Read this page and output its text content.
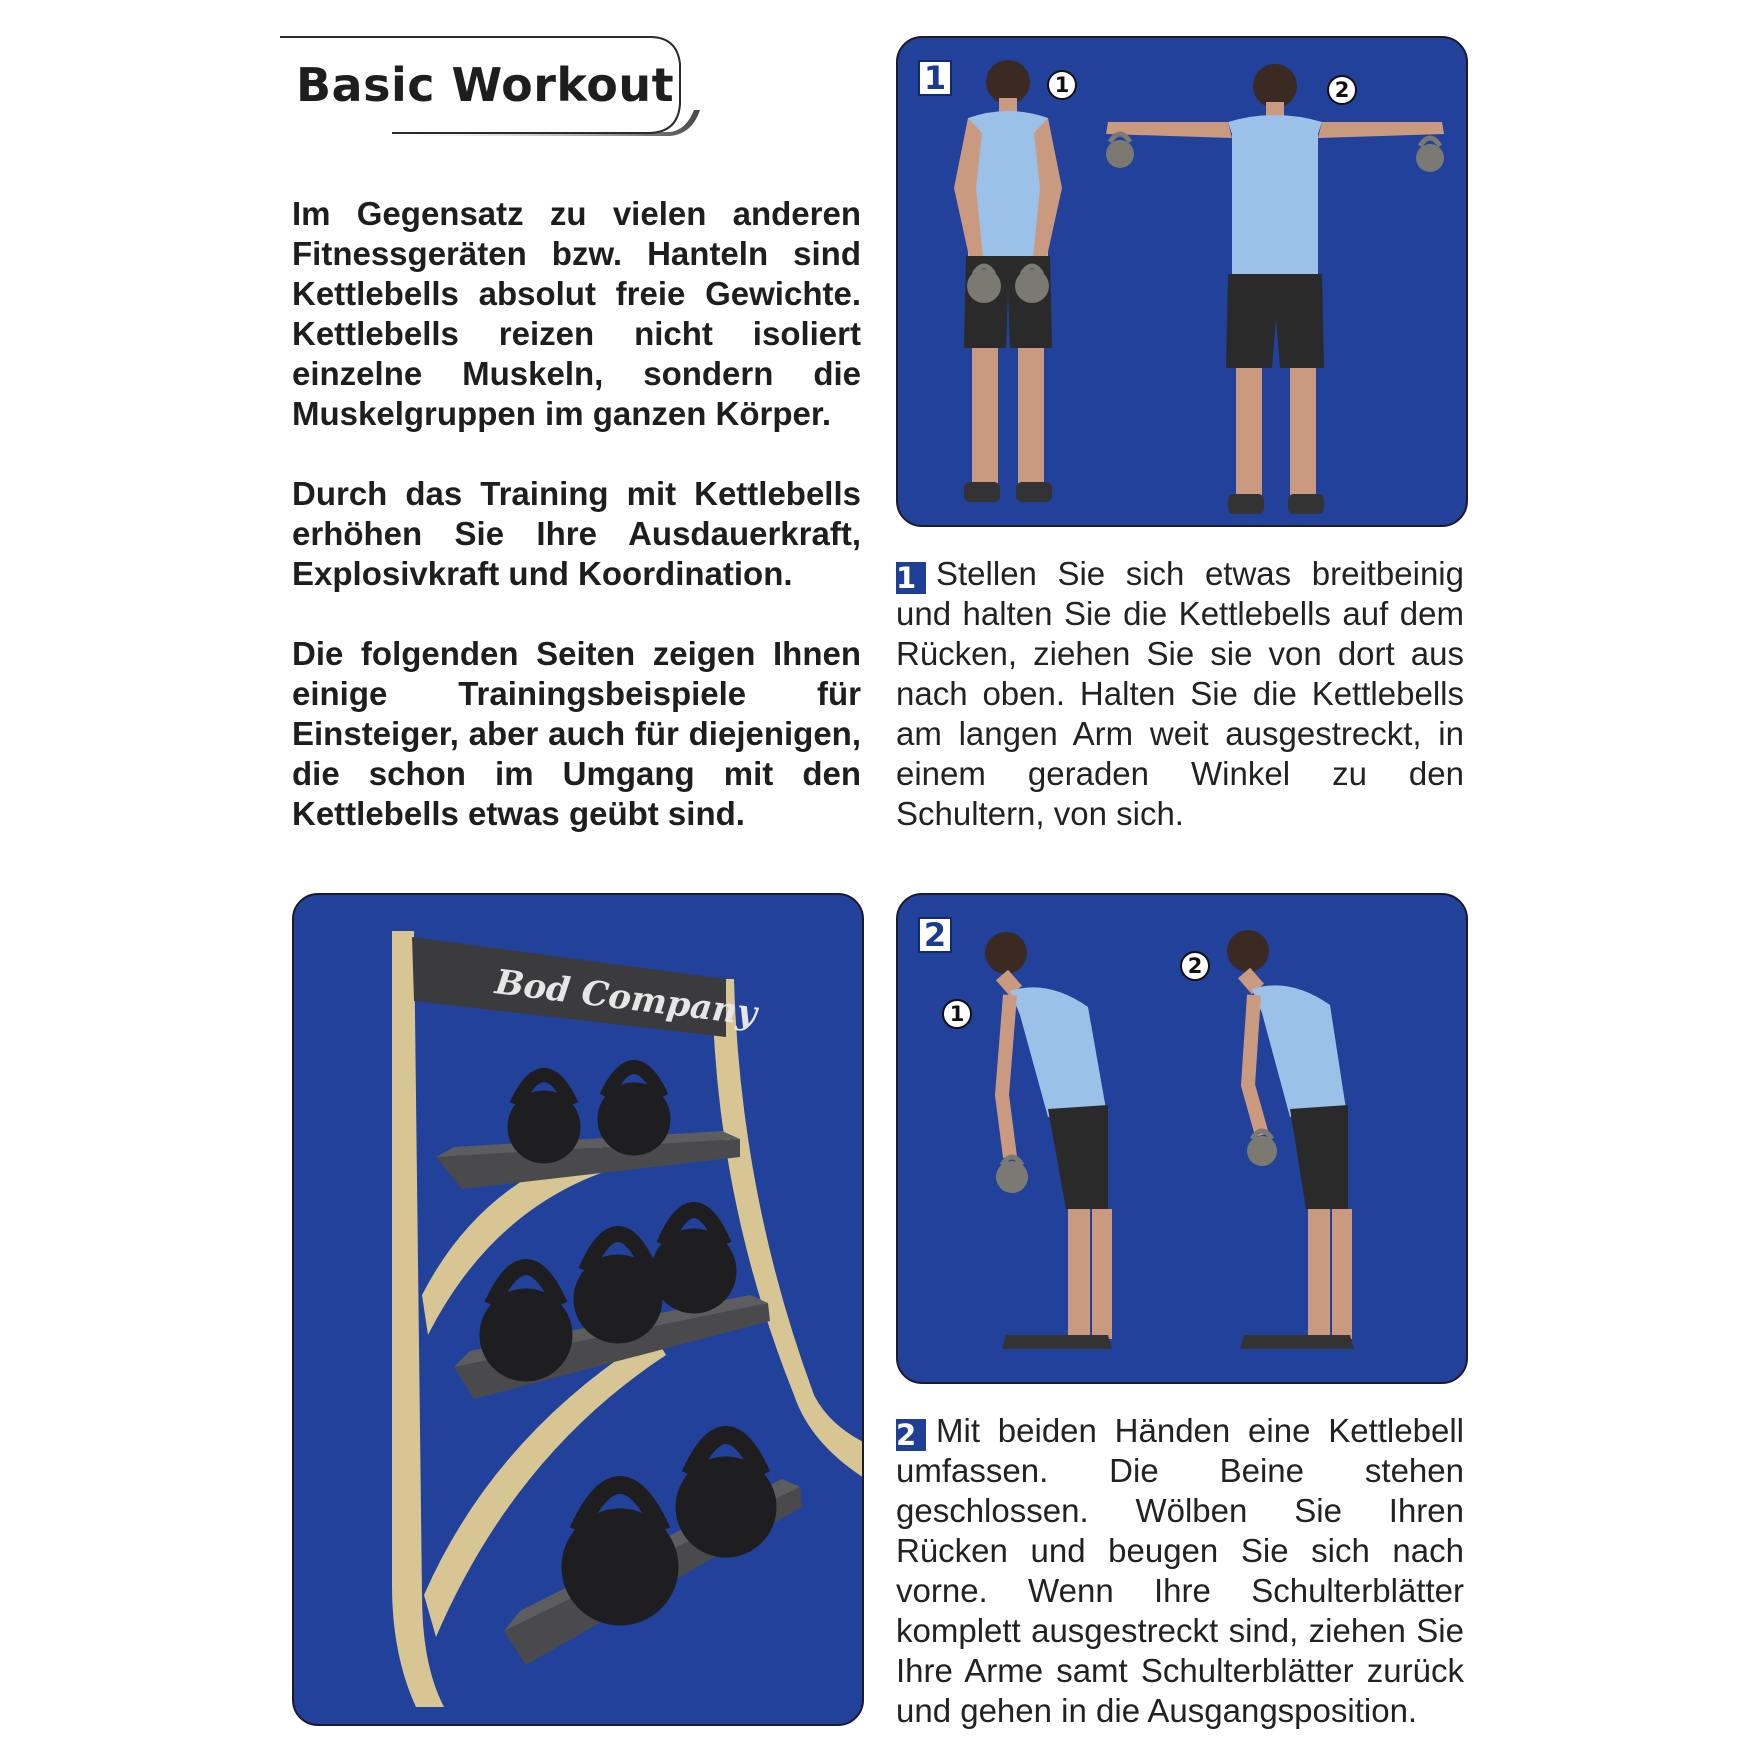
Basic Workout

Im Gegensatz zu vielen anderen Fitnessgeräten bzw. Hanteln sind Kettlebells absolut freie Gewichte. Kettlebells reizen nicht isoliert einzelne Muskeln, sondern die Muskelgruppen im ganzen Körper.

Durch das Training mit Kettlebells erhöhen Sie Ihre Ausdauerkraft, Explosivkraft und Koordination.

Die folgenden Seiten zeigen Ihnen einige Trainingsbeispiele für Einsteiger, aber auch für diejenigen, die schon im Umgang mit den Kettlebells etwas geübt sind.

1	1	2

1 Stellen Sie sich etwas breitbeinig und halten Sie die Kettlebells auf dem Rücken, ziehen Sie sie von dort aus nach oben. Halten Sie die Kettlebells am langen Arm weit ausgestreckt, in einem geraden Winkel zu den Schultern, von sich.

Bod Company
2
1
2

2 Mit beiden Händen eine Kettlebell umfassen. Die Beine stehen geschlossen. Wölben Sie Ihren Rücken und beugen Sie sich nach vorne. Wenn Ihre Schulterblätter komplett ausgestreckt sind, ziehen Sie Ihre Arme samt Schulterblätter zurück und gehen in die Ausgangsposition.
